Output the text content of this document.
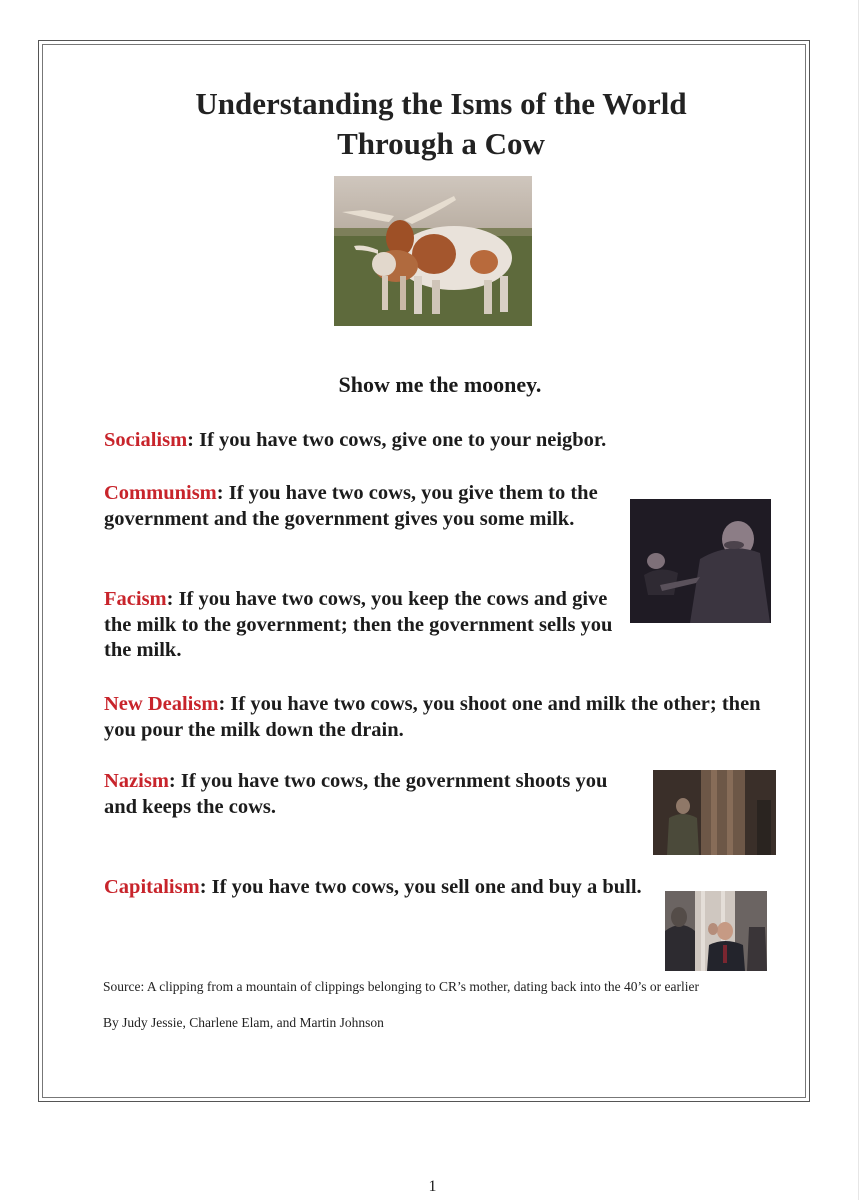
Understanding the Isms of the World
Through a Cow
Show me the mooney.
Socialism: If you have two cows, give one to your neigbor.
Communism: If you have two cows, you give them to the government and the government gives you some milk.
Facism: If you have two cows, you keep the cows and give the milk to the government; then the government sells you the milk.
New Dealism: If you have two cows, you shoot one and milk the other; then you pour the milk down the drain.
Nazism: If you have two cows, the government shoots you and keeps the cows.
Capitalism: If you have two cows, you sell one and buy a bull.
Source: A clipping from a mountain of clippings belonging to CR’s mother, dating back into the 40’s or earlier
By Judy Jessie, Charlene Elam, and Martin Johnson
1
